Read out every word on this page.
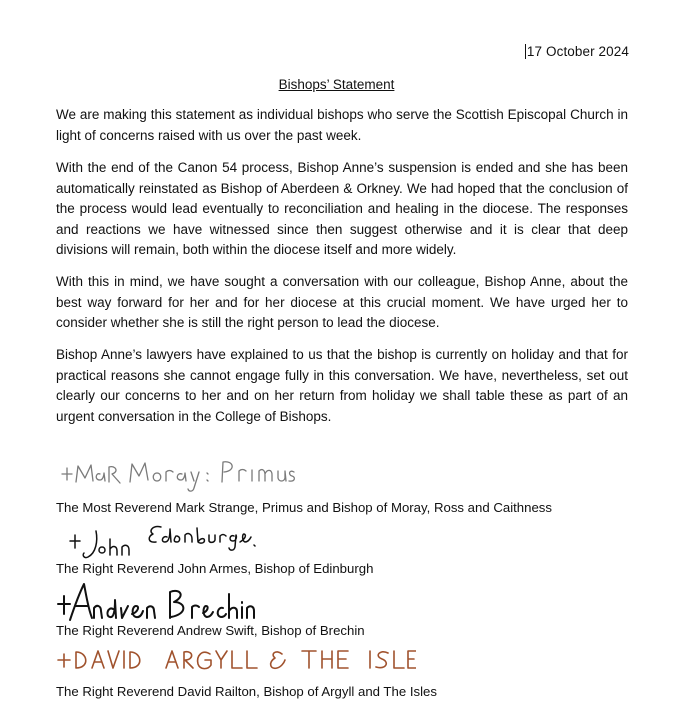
17 October 2024
Bishops’ Statement
We are making this statement as individual bishops who serve the Scottish Episcopal Church in light of concerns raised with us over the past week.
With the end of the Canon 54 process, Bishop Anne’s suspension is ended and she has been automatically reinstated as Bishop of Aberdeen & Orkney. We had hoped that the conclusion of the process would lead eventually to reconciliation and healing in the diocese. The responses and reactions we have witnessed since then suggest otherwise and it is clear that deep divisions will remain, both within the diocese itself and more widely.
With this in mind, we have sought a conversation with our colleague, Bishop Anne, about the best way forward for her and for her diocese at this crucial moment. We have urged her to consider whether she is still the right person to lead the diocese.
Bishop Anne’s lawyers have explained to us that the bishop is currently on holiday and that for practical reasons she cannot engage fully in this conversation. We have, nevertheless, set out clearly our concerns to her and on her return from holiday we shall table these as part of an urgent conversation in the College of Bishops.
The Most Reverend Mark Strange, Primus and Bishop of Moray, Ross and Caithness
The Right Reverend John Armes, Bishop of Edinburgh
The Right Reverend Andrew Swift, Bishop of Brechin
The Right Reverend David Railton, Bishop of Argyll and The Isles
